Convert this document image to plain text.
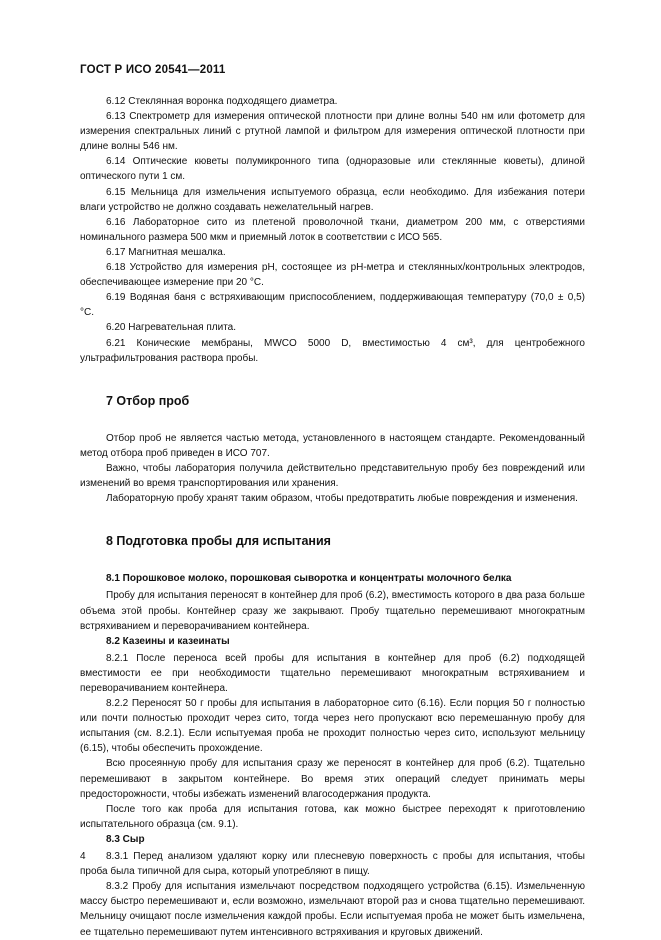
ГОСТ Р ИСО 20541—2011

6.12 Стеклянная воронка подходящего диаметра.

6.13 Спектрометр для измерения оптической плотности при длине волны 540 нм или фотометр для измерения спектральных линий с ртутной лампой и фильтром для измерения оптической плотности при длине волны 546 нм.

6.14 Оптические кюветы полумикронного типа (одноразовые или стеклянные кюветы), длиной оптического пути 1 см.

6.15 Мельница для измельчения испытуемого образца, если необходимо. Для избежания потери влаги устройство не должно создавать нежелательный нагрев.

6.16 Лабораторное сито из плетеной проволочной ткани, диаметром 200 мм, с отверстиями номинального размера 500 мкм и приемный лоток в соответствии с ИСО 565.

6.17 Магнитная мешалка.

6.18 Устройство для измерения pH, состоящее из pH-метра и стеклянных/контрольных электродов, обеспечивающее измерение при 20 °C.

6.19 Водяная баня с встряхивающим приспособлением, поддерживающая температуру (70,0 ± 0,5) °C.

6.20 Нагревательная плита.

6.21 Конические мембраны, MWCO 5000 D, вместимостью 4 см³, для центробежного ультрафильтрования раствора пробы.

7 Отбор проб

Отбор проб не является частью метода, установленного в настоящем стандарте. Рекомендованный метод отбора проб приведен в ИСО 707.

Важно, чтобы лаборатория получила действительно представительную пробу без повреждений или изменений во время транспортирования или хранения.

Лабораторную пробу хранят таким образом, чтобы предотвратить любые повреждения и изменения.

8 Подготовка пробы для испытания
8.1 Порошковое молоко, порошковая сыворотка и концентраты молочного белка

Пробу для испытания переносят в контейнер для проб (6.2), вместимость которого в два раза больше объема этой пробы. Контейнер сразу же закрывают. Пробу тщательно перемешивают многократным встряхиванием и переворачиванием контейнера.

8.2 Казеины и казеинаты

8.2.1 После переноса всей пробы для испытания в контейнер для проб (6.2) подходящей вместимости ее при необходимости тщательно перемешивают многократным встряхиванием и переворачиванием контейнера.

8.2.2 Переносят 50 г пробы для испытания в лабораторное сито (6.16). Если порция 50 г полностью или почти полностью проходит через сито, тогда через него пропускают всю перемешанную пробу для испытания (см. 8.2.1). Если испытуемая проба не проходит полностью через сито, используют мельницу (6.15), чтобы обеспечить прохождение.

Всю просеянную пробу для испытания сразу же переносят в контейнер для проб (6.2). Тщательно перемешивают в закрытом контейнере. Во время этих операций следует принимать меры предосторожности, чтобы избежать изменений влагосодержания продукта.

После того как проба для испытания готова, как можно быстрее переходят к приготовлению испытательного образца (см. 9.1).

8.3 Сыр

8.3.1 Перед анализом удаляют корку или плесневую поверхность с пробы для испытания, чтобы проба была типичной для сыра, который употребляют в пищу.

8.3.2 Пробу для испытания измельчают посредством подходящего устройства (6.15). Измельченную массу быстро перемешивают и, если возможно, измельчают второй раз и снова тщательно перемешивают. Мельницу очищают после измельчения каждой пробы. Если испытуемая проба не может быть измельчена, ее тщательно перемешивают путем интенсивного встряхивания и круговых движений.

4
